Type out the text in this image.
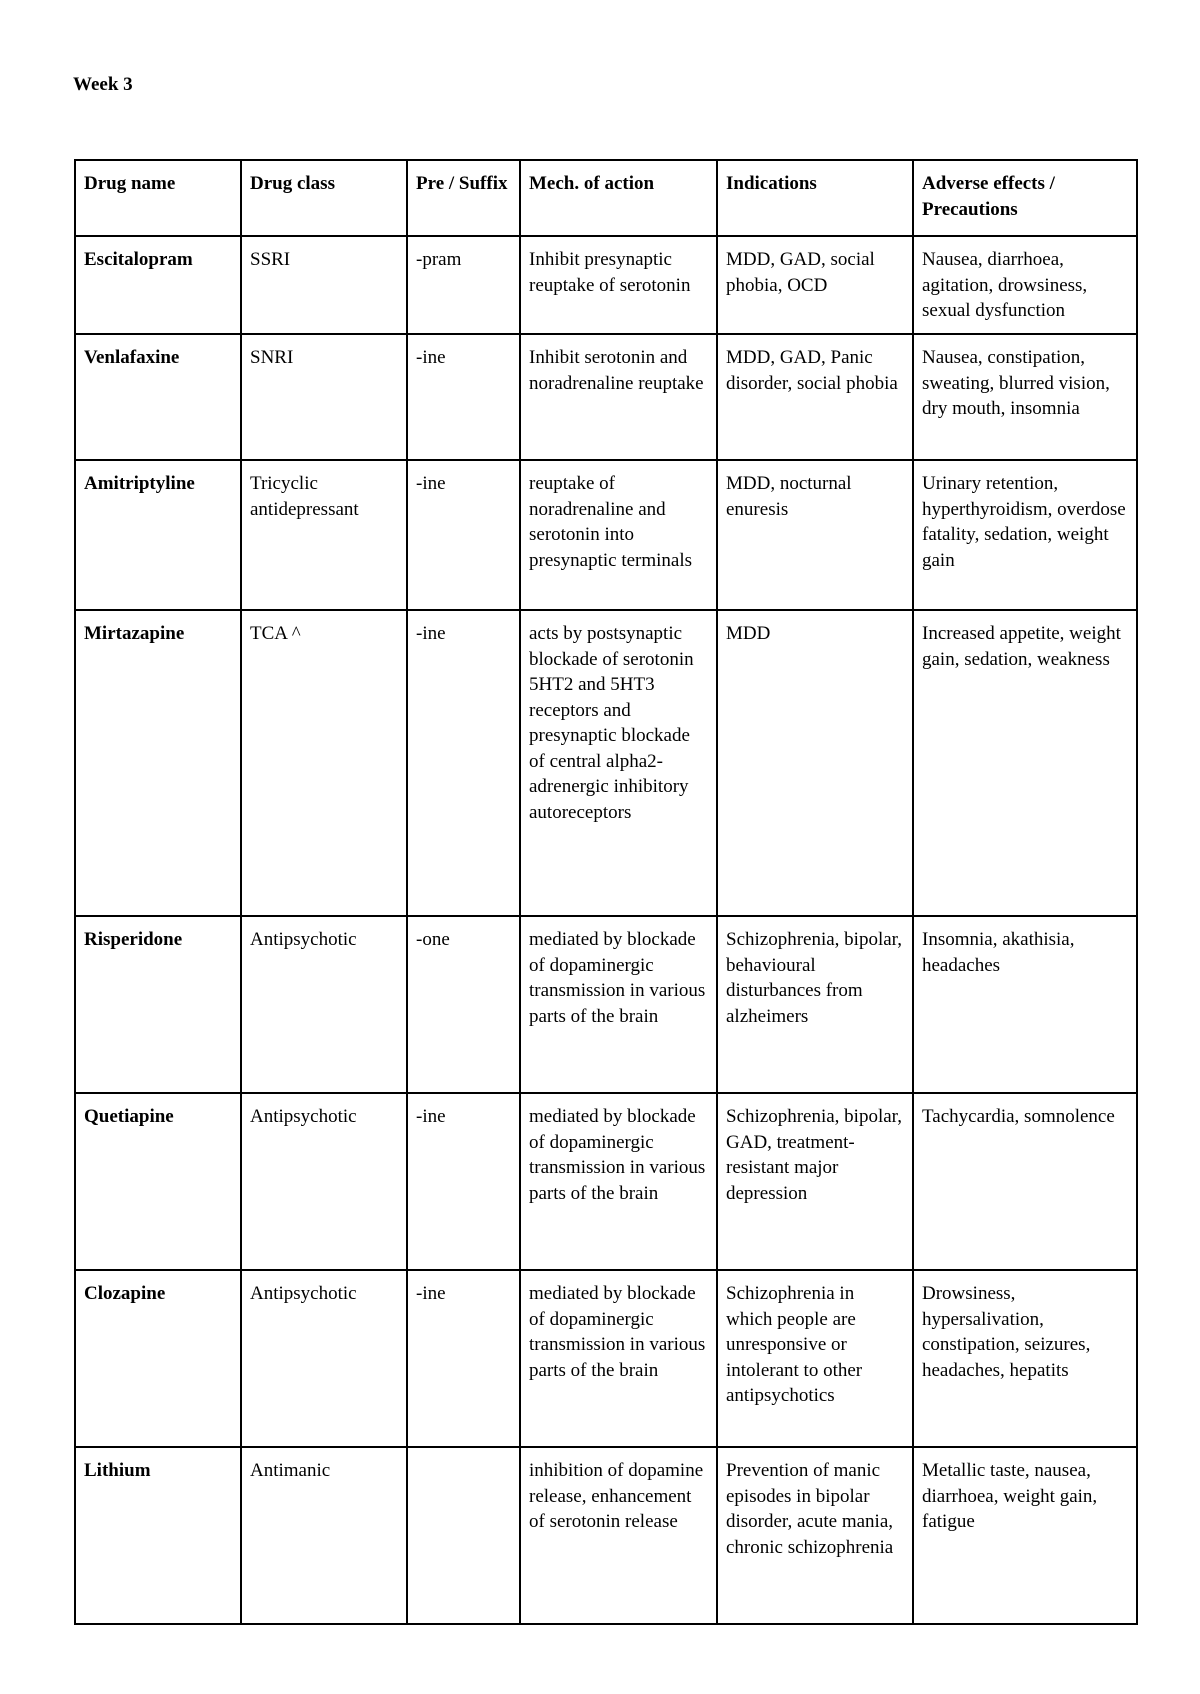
Week 3
Drug name	Drug class	Pre / Suffix	Mech. of action	Indications	Adverse effects / Precautions
Escitalopram	SSRI	-pram	Inhibit presynaptic reuptake of serotonin	MDD, GAD, social phobia, OCD	Nausea, diarrhoea, agitation, drowsiness, sexual dysfunction
Venlafaxine	SNRI	-ine	Inhibit serotonin and noradrenaline reuptake	MDD, GAD, Panic disorder, social phobia	Nausea, constipation, sweating, blurred vision, dry mouth, insomnia
Amitriptyline	Tricyclic antidepressant	-ine	reuptake of noradrenaline and serotonin into presynaptic terminals	MDD, nocturnal enuresis	Urinary retention, hyperthyroidism, overdose fatality, sedation, weight gain
Mirtazapine	TCA ^	-ine	acts by postsynaptic blockade of serotonin 5HT2 and 5HT3 receptors and presynaptic blockade of central alpha2-adrenergic inhibitory autoreceptors	MDD	Increased appetite, weight gain, sedation, weakness
Risperidone	Antipsychotic	-one	mediated by blockade of dopaminergic transmission in various parts of the brain	Schizophrenia, bipolar, behavioural disturbances from alzheimers	Insomnia, akathisia, headaches
Quetiapine	Antipsychotic	-ine	mediated by blockade of dopaminergic transmission in various parts of the brain	Schizophrenia, bipolar, GAD, treatment-resistant major depression	Tachycardia, somnolence
Clozapine	Antipsychotic	-ine	mediated by blockade of dopaminergic transmission in various parts of the brain	Schizophrenia in which people are unresponsive or intolerant to other antipsychotics	Drowsiness, hypersalivation, constipation, seizures, headaches, hepatits
Lithium	Antimanic		inhibition of dopamine release, enhancement of serotonin release	Prevention of manic episodes in bipolar disorder, acute mania, chronic schizophrenia	Metallic taste, nausea, diarrhoea, weight gain, fatigue
